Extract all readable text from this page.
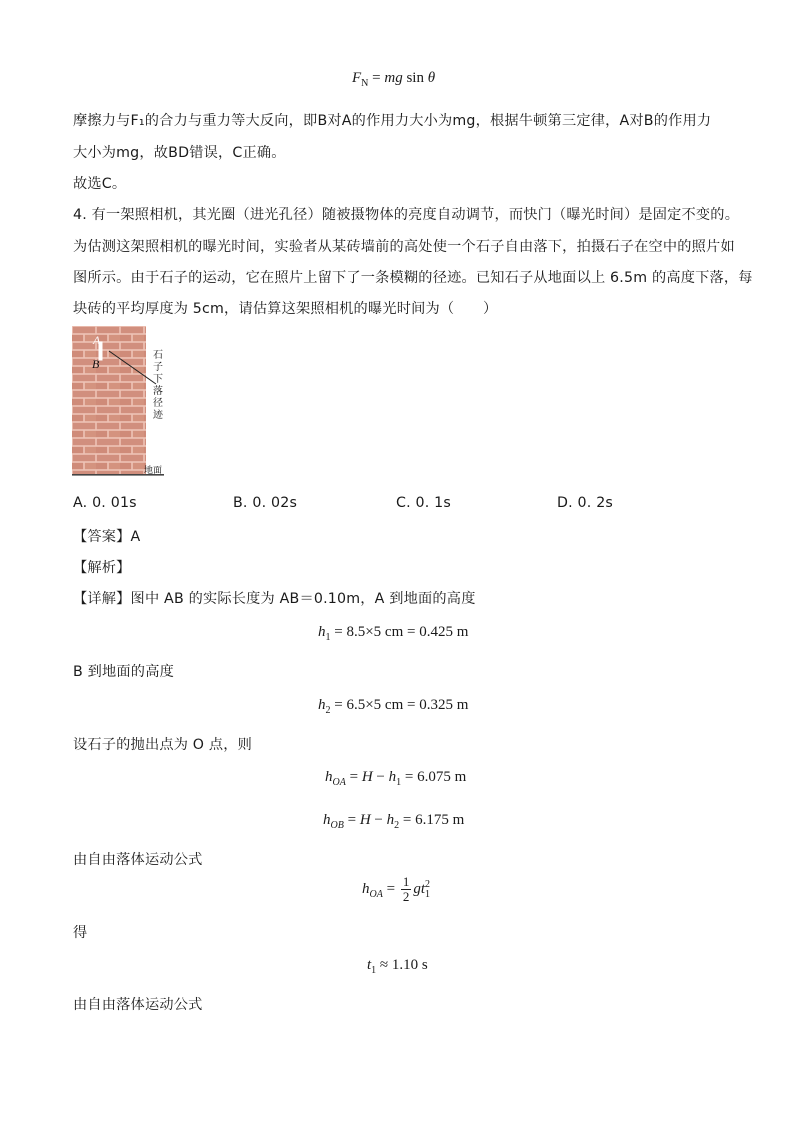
$F_N$ = mg sin θ
摩擦力与F₁的合力与重力等大反向，即B对A的作用力大小为mg，根据牛顿第三定律，A对B的作用力
大小为mg，故BD错误，C正确。
故选C。
4. 有一架照相机，其光圈（进光孔径）随被摄物体的亮度自动调节，而快门（曝光时间）是固定不变的。
为估测这架照相机的曝光时间，实验者从某砖墙前的高处使一个石子自由落下，拍摄石子在空中的照片如
图所示。由于石子的运动，它在照片上留下了一条模糊的径迹。已知石子从地面以上 6.5m 的高度下落，每
块砖的平均厚度为 5cm，请估算这架照相机的曝光时间为（　　）
A
B
石子下落径迹
地面
A. 0. 01s	B. 0. 02s	C. 0. 1s	D. 0. 2s
【答案】A
【解析】
【详解】图中 AB 的实际长度为 AB＝0.10m，A 到地面的高度
$h_1 = 8.5\times 5$ cm = 0.425 m
B 到地面的高度
$h_2 = 6.5\times 5$ cm = 0.325 m
设石子的抛出点为 O 点，则
$h_{OA} = H - h_1 = 6.075$ m
$h_{OB} = H - h_2 = 6.175$ m
由自由落体运动公式
$h_{OA} = \frac{1}{2} gt_1^2$
得
$t_1 \approx 1.10$ s
由自由落体运动公式
